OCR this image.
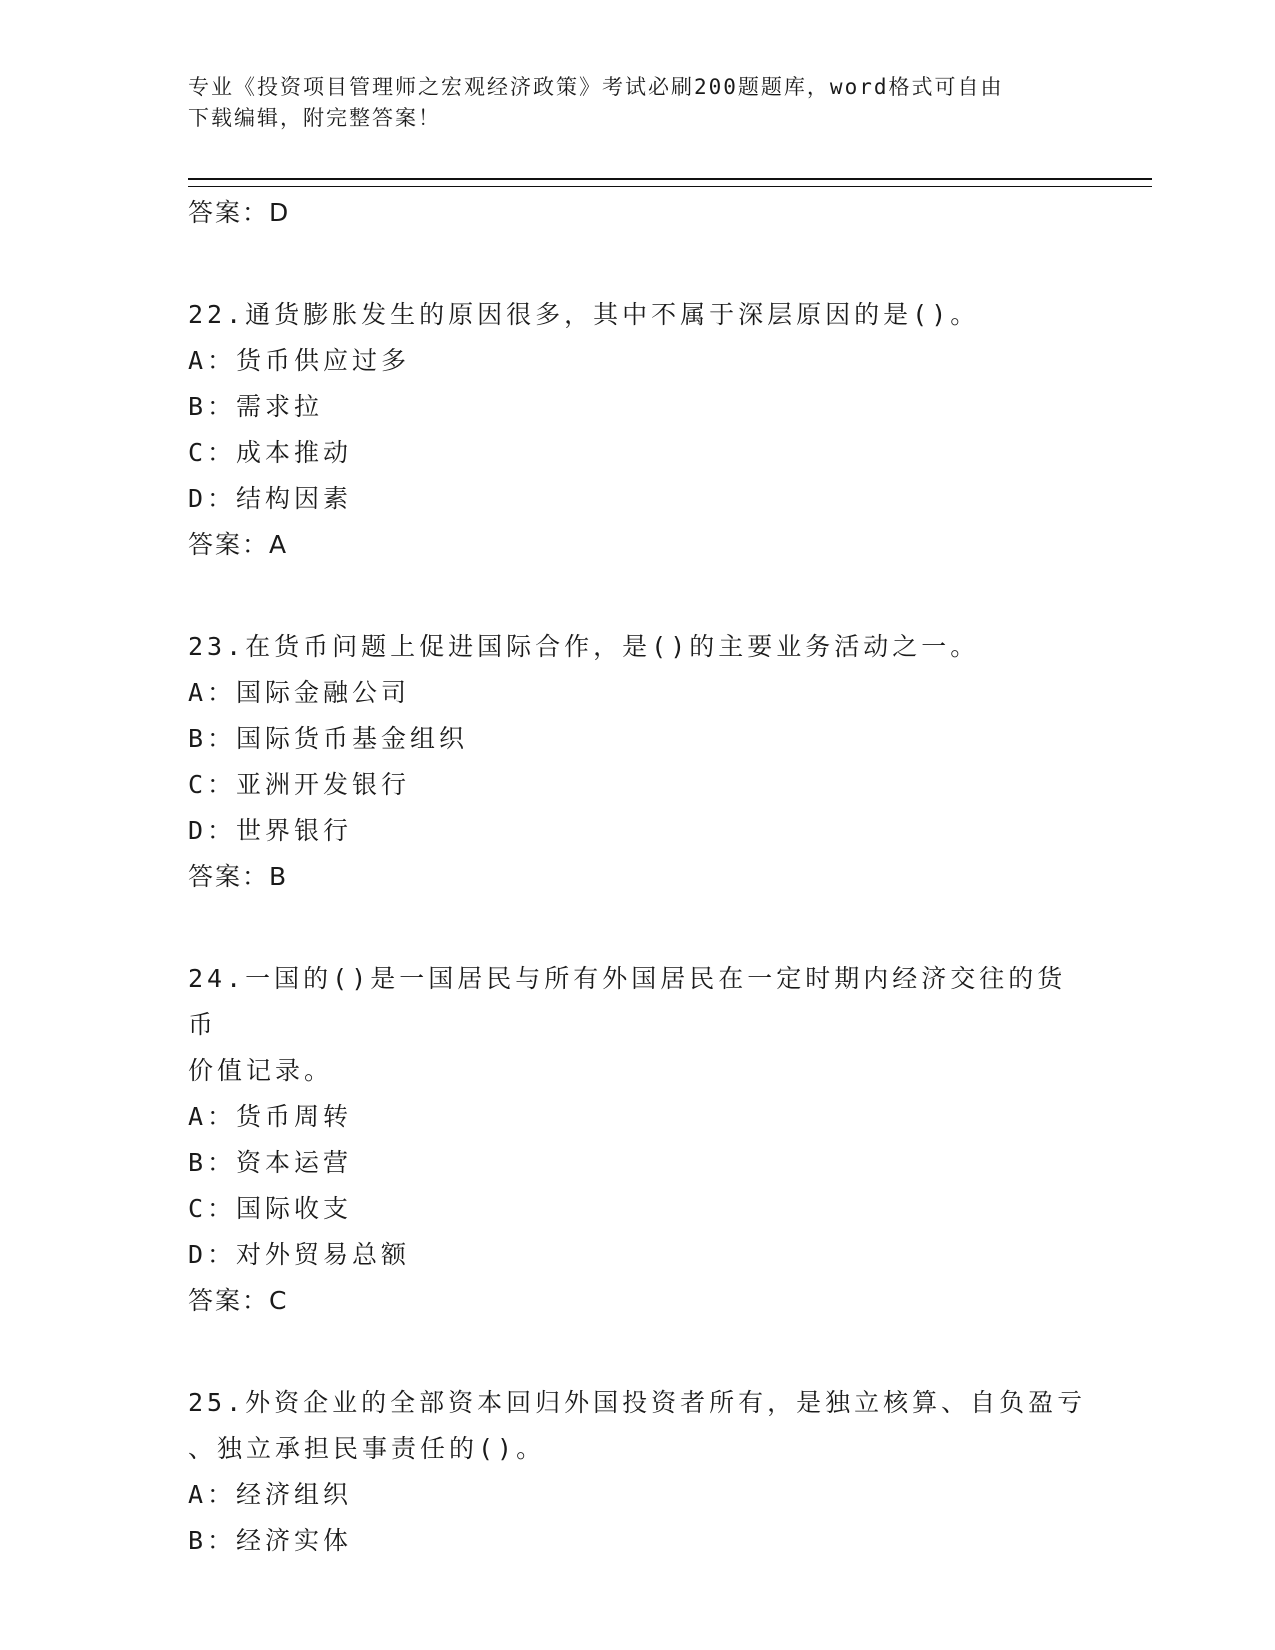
专业《投资项目管理师之宏观经济政策》考试必刷200题题库，word格式可自由
下载编辑，附完整答案！
答案：D
22.通货膨胀发生的原因很多，其中不属于深层原因的是()。
A：货币供应过多
B：需求拉
C：成本推动
D：结构因素
答案：A
23.在货币问题上促进国际合作，是()的主要业务活动之一。
A：国际金融公司
B：国际货币基金组织
C：亚洲开发银行
D：世界银行
答案：B
24.一国的()是一国居民与所有外国居民在一定时期内经济交往的货币
价值记录。
A：货币周转
B：资本运营
C：国际收支
D：对外贸易总额
答案：C
25.外资企业的全部资本回归外国投资者所有，是独立核算、自负盈亏
、独立承担民事责任的()。
A：经济组织
B：经济实体
